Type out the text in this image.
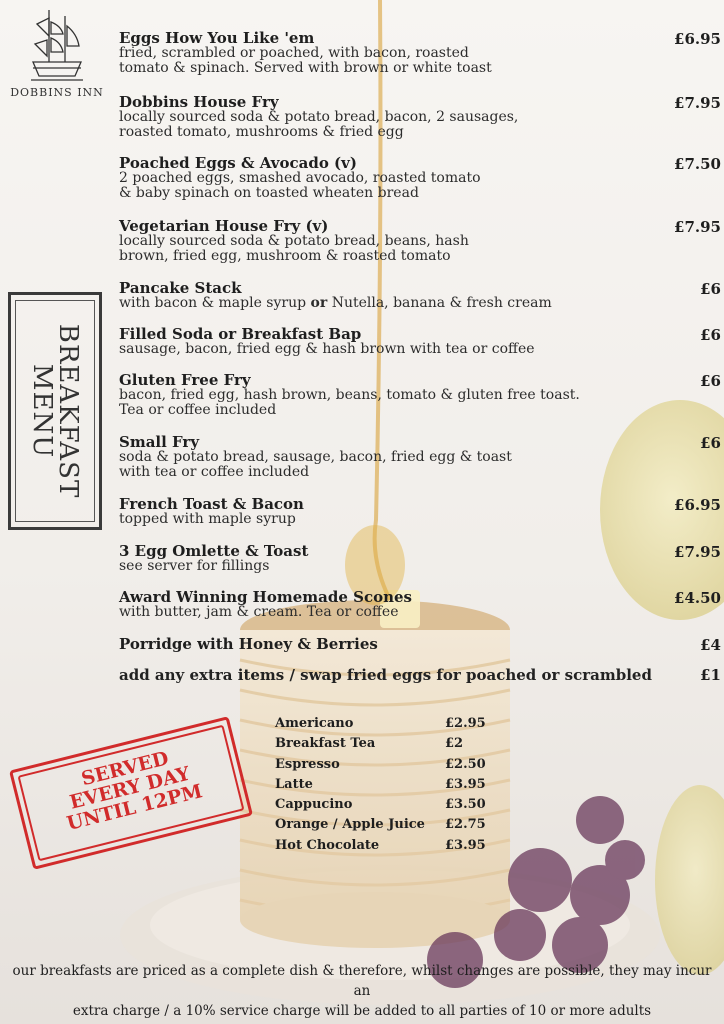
DOBBINS INN
BREAKFAST
MENU
Eggs How You Like 'em
fried, scrambled or poached, with bacon, roasted
tomato & spinach. Served with brown or white toast
£6.95
Dobbins House Fry
locally sourced soda & potato bread, bacon, 2 sausages,
roasted tomato, mushrooms & fried egg
£7.95
Poached Eggs & Avocado (v)
2 poached eggs, smashed avocado, roasted tomato
& baby spinach on toasted wheaten bread
£7.50
Vegetarian House Fry (v)
locally sourced soda & potato bread, beans, hash
brown, fried egg, mushroom & roasted tomato
£7.95
Pancake Stack
with bacon & maple syrup or Nutella, banana & fresh cream
£6
Filled Soda or Breakfast Bap
sausage, bacon, fried egg & hash brown with tea or coffee
£6
Gluten Free Fry
bacon, fried egg, hash brown, beans, tomato & gluten free toast.
Tea or coffee included
£6
Small Fry
soda & potato bread, sausage, bacon, fried egg & toast
with tea or coffee included
£6
French Toast & Bacon
topped with maple syrup
£6.95
3 Egg Omlette & Toast
see server for fillings
£7.95
Award Winning Homemade Scones
with butter, jam & cream. Tea or coffee
£4.50
Porridge with Honey & Berries	£4
add any extra items / swap fried eggs for poached or scrambled	£1
Americano	£2.95
Breakfast Tea	£2
Espresso	£2.50
Latte	£3.95
Cappucino	£3.50
Orange / Apple Juice £2.75
Hot Chocolate	£3.95
SERVED
EVERY DAY
UNTIL 12PM
our breakfasts are priced as a complete dish & therefore, whilst changes are possible, they may incur an
extra charge / a 10% service charge will be added to all parties of 10 or more adults
